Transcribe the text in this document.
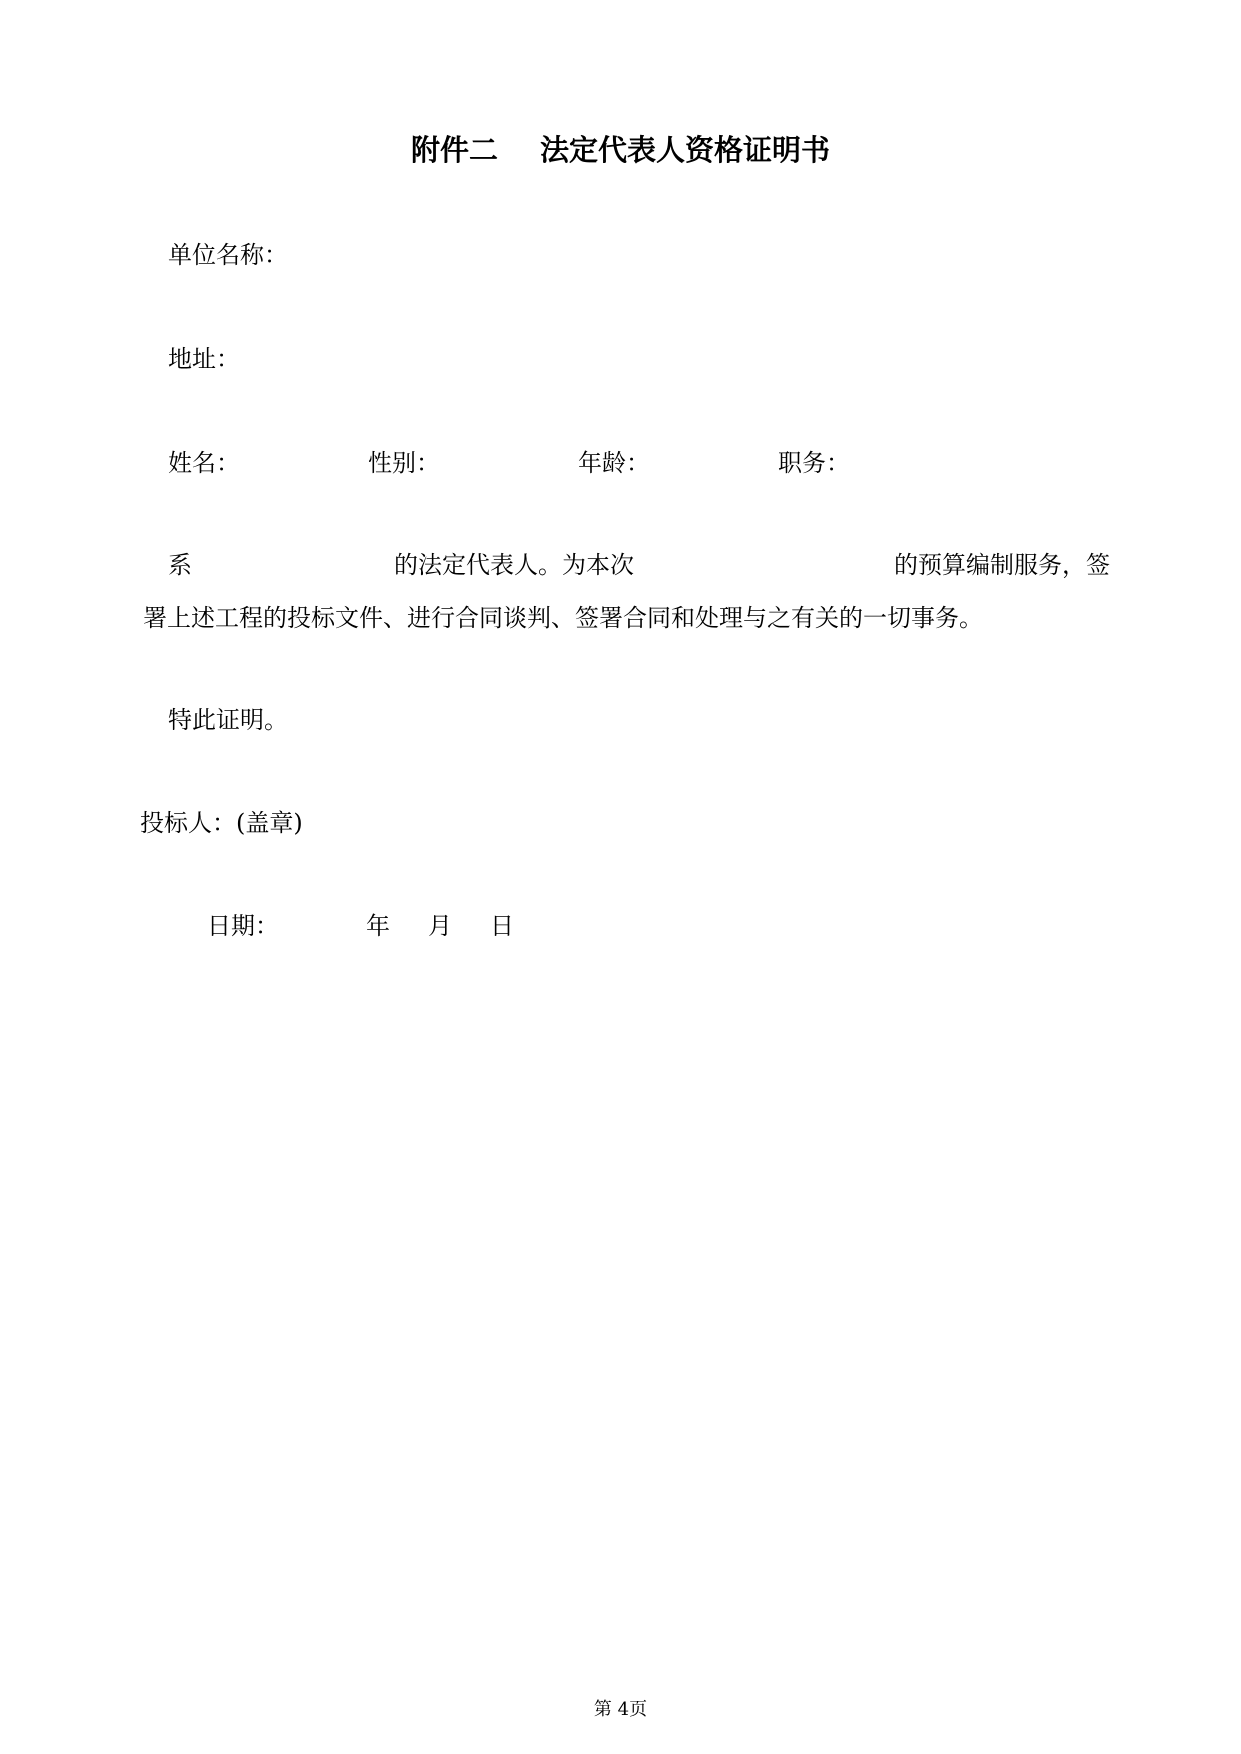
附件二 法定代表人资格证明书
单位名称：
地址：
姓名：	性别：	年龄：	职务：
系	的法定代表人。为本次	的预算编制服务，签
署上述工程的投标文件、进行合同谈判、签署合同和处理与之有关的一切事务。
特此证明。
投标人：(盖章)
日期：	年 月 日
第 4页
